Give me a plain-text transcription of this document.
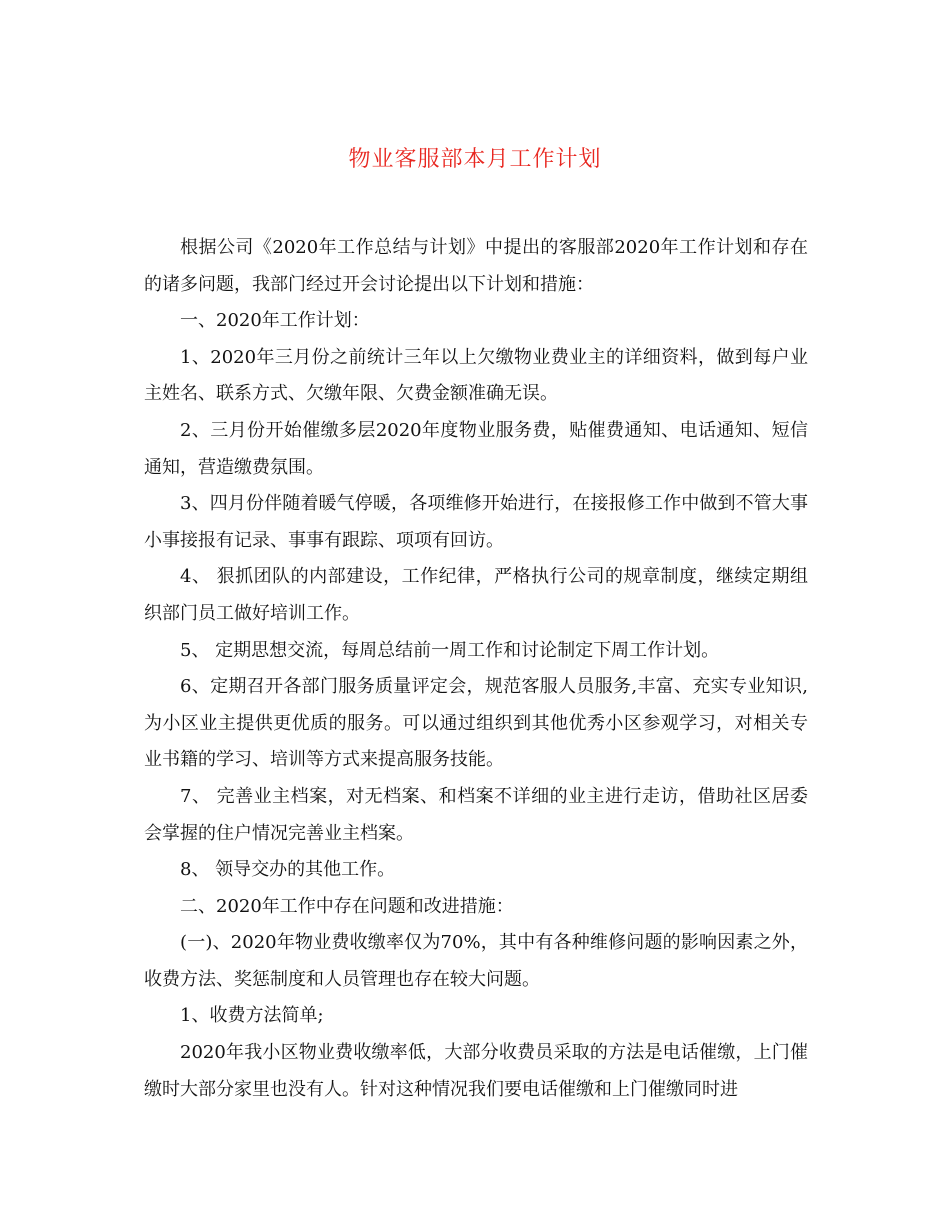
物业客服部本月工作计划

根据公司《2020年工作总结与计划》中提出的客服部2020年工作计划和存在的诸多问题，我部门经过开会讨论提出以下计划和措施：

一、2020年工作计划：

1、2020年三月份之前统计三年以上欠缴物业费业主的详细资料，做到每户业主姓名、联系方式、欠缴年限、欠费金额准确无误。

2、三月份开始催缴多层2020年度物业服务费，贴催费通知、电话通知、短信通知，营造缴费氛围。

3、四月份伴随着暖气停暖，各项维修开始进行，在接报修工作中做到不管大事小事接报有记录、事事有跟踪、项项有回访。

4、 狠抓团队的内部建设，工作纪律，严格执行公司的规章制度，继续定期组织部门员工做好培训工作。

5、 定期思想交流，每周总结前一周工作和讨论制定下周工作计划。

6、定期召开各部门服务质量评定会，规范客服人员服务,丰富、充实专业知识,为小区业主提供更优质的服务。可以通过组织到其他优秀小区参观学习，对相关专业书籍的学习、培训等方式来提高服务技能。

7、 完善业主档案，对无档案、和档案不详细的业主进行走访，借助社区居委会掌握的住户情况完善业主档案。

8、 领导交办的其他工作。

二、2020年工作中存在问题和改进措施：

(一)、2020年物业费收缴率仅为70%，其中有各种维修问题的影响因素之外，收费方法、奖惩制度和人员管理也存在较大问题。

1、收费方法简单;

2020年我小区物业费收缴率低，大部分收费员采取的方法是电话催缴，上门催缴时大部分家里也没有人。针对这种情况我们要电话催缴和上门催缴同时进
